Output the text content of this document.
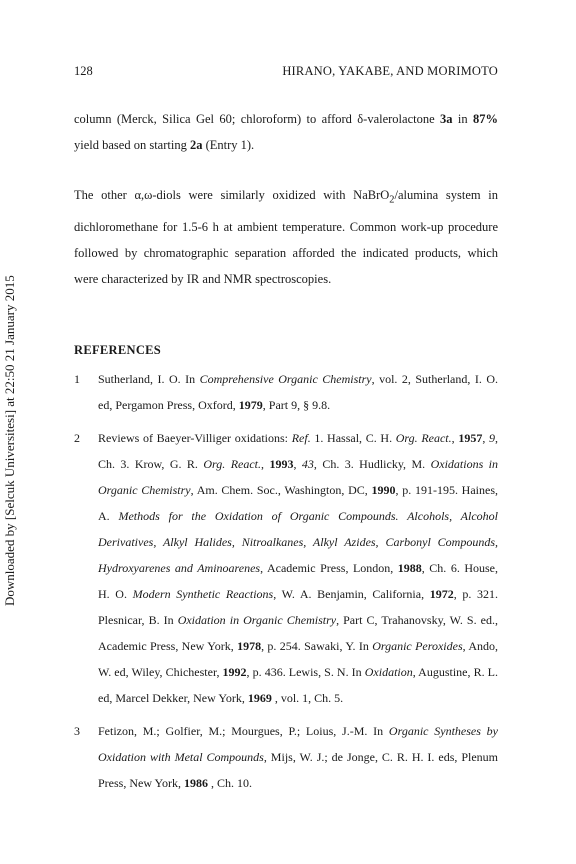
128	HIRANO, YAKABE, AND MORIMOTO
Downloaded by [Selcuk Universitesi] at 22:50 21 January 2015
column (Merck, Silica Gel 60; chloroform) to afford δ-valerolactone 3a in 87% yield based on starting 2a (Entry 1).
The other α,ω-diols were similarly oxidized with NaBrO$_2$/alumina system in dichloromethane for 1.5-6 h at ambient temperature. Common work-up procedure followed by chromatographic separation afforded the indicated products, which were characterized by IR and NMR spectroscopies.
REFERENCES
1 Sutherland, I. O. In Comprehensive Organic Chemistry, vol. 2, Sutherland, I. O. ed, Pergamon Press, Oxford, 1979, Part 9, § 9.8.
2 Reviews of Baeyer-Villiger oxidations: Ref. 1. Hassal, C. H. Org. React., 1957, 9, Ch. 3. Krow, G. R. Org. React., 1993, 43, Ch. 3. Hudlicky, M. Oxidations in Organic Chemistry, Am. Chem. Soc., Washington, DC, 1990, p. 191-195. Haines, A. Methods for the Oxidation of Organic Compounds. Alcohols, Alcohol Derivatives, Alkyl Halides, Nitroalkanes, Alkyl Azides, Carbonyl Compounds, Hydroxyarenes and Aminoarenes, Academic Press, London, 1988, Ch. 6. House, H. O. Modern Synthetic Reactions, W. A. Benjamin, California, 1972, p. 321. Plesnicar, B. In Oxidation in Organic Chemistry, Part C, Trahanovsky, W. S. ed., Academic Press, New York, 1978, p. 254. Sawaki, Y. In Organic Peroxides, Ando, W. ed, Wiley, Chichester, 1992, p. 436. Lewis, S. N. In Oxidation, Augustine, R. L. ed, Marcel Dekker, New York, 1969 , vol. 1, Ch. 5.
3 Fetizon, M.; Golfier, M.; Mourgues, P.; Loius, J.-M. In Organic Syntheses by Oxidation with Metal Compounds, Mijs, W. J.; de Jonge, C. R. H. I. eds, Plenum Press, New York, 1986 , Ch. 10.
